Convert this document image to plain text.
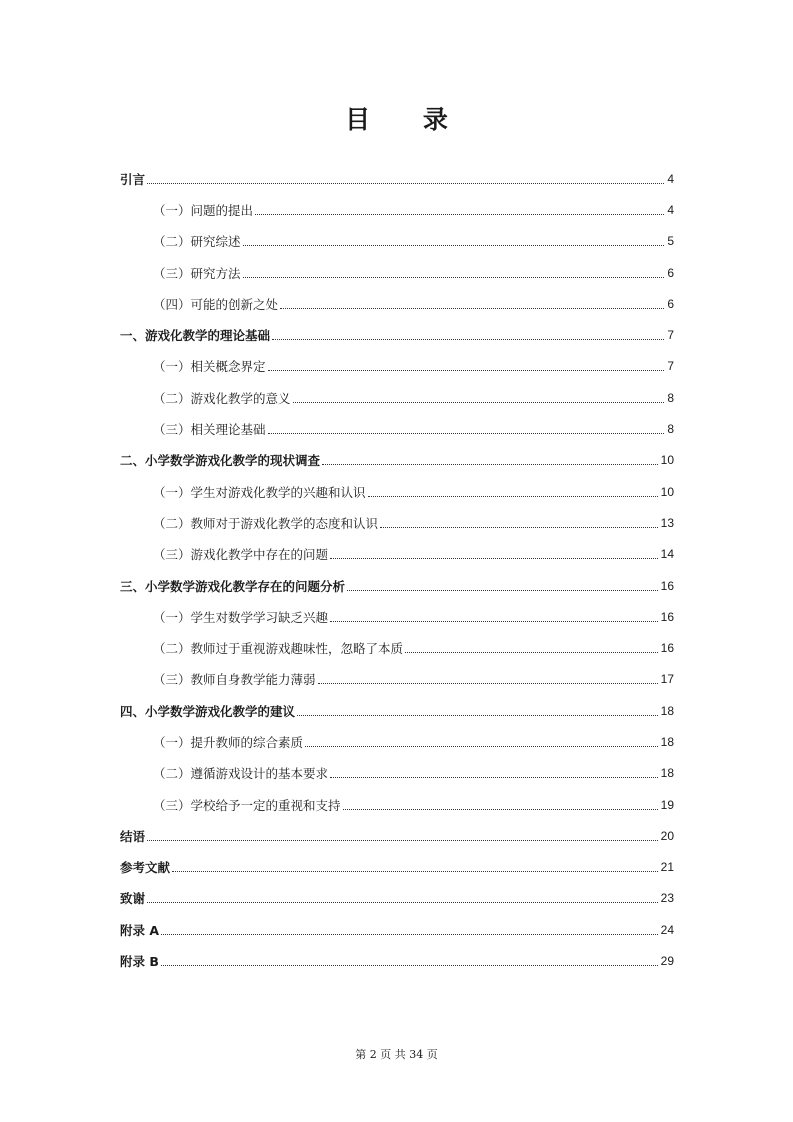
目 录
引言	4
（一）问题的提出	4
（二）研究综述	5
（三）研究方法	6
（四）可能的创新之处	6
一、游戏化教学的理论基础	7
（一）相关概念界定	7
（二）游戏化教学的意义	8
（三）相关理论基础	8
二、小学数学游戏化教学的现状调查	10
（一）学生对游戏化教学的兴趣和认识	10
（二）教师对于游戏化教学的态度和认识	13
（三）游戏化教学中存在的问题	14
三、小学数学游戏化教学存在的问题分析	16
（一）学生对数学学习缺乏兴趣	16
（二）教师过于重视游戏趣味性，忽略了本质	16
（三）教师自身教学能力薄弱	17
四、小学数学游戏化教学的建议	18
（一）提升教师的综合素质	18
（二）遵循游戏设计的基本要求	18
（三）学校给予一定的重视和支持	19
结语	20
参考文献	21
致谢	23
附录 A	24
附录 B	29
第 2 页 共 34 页
